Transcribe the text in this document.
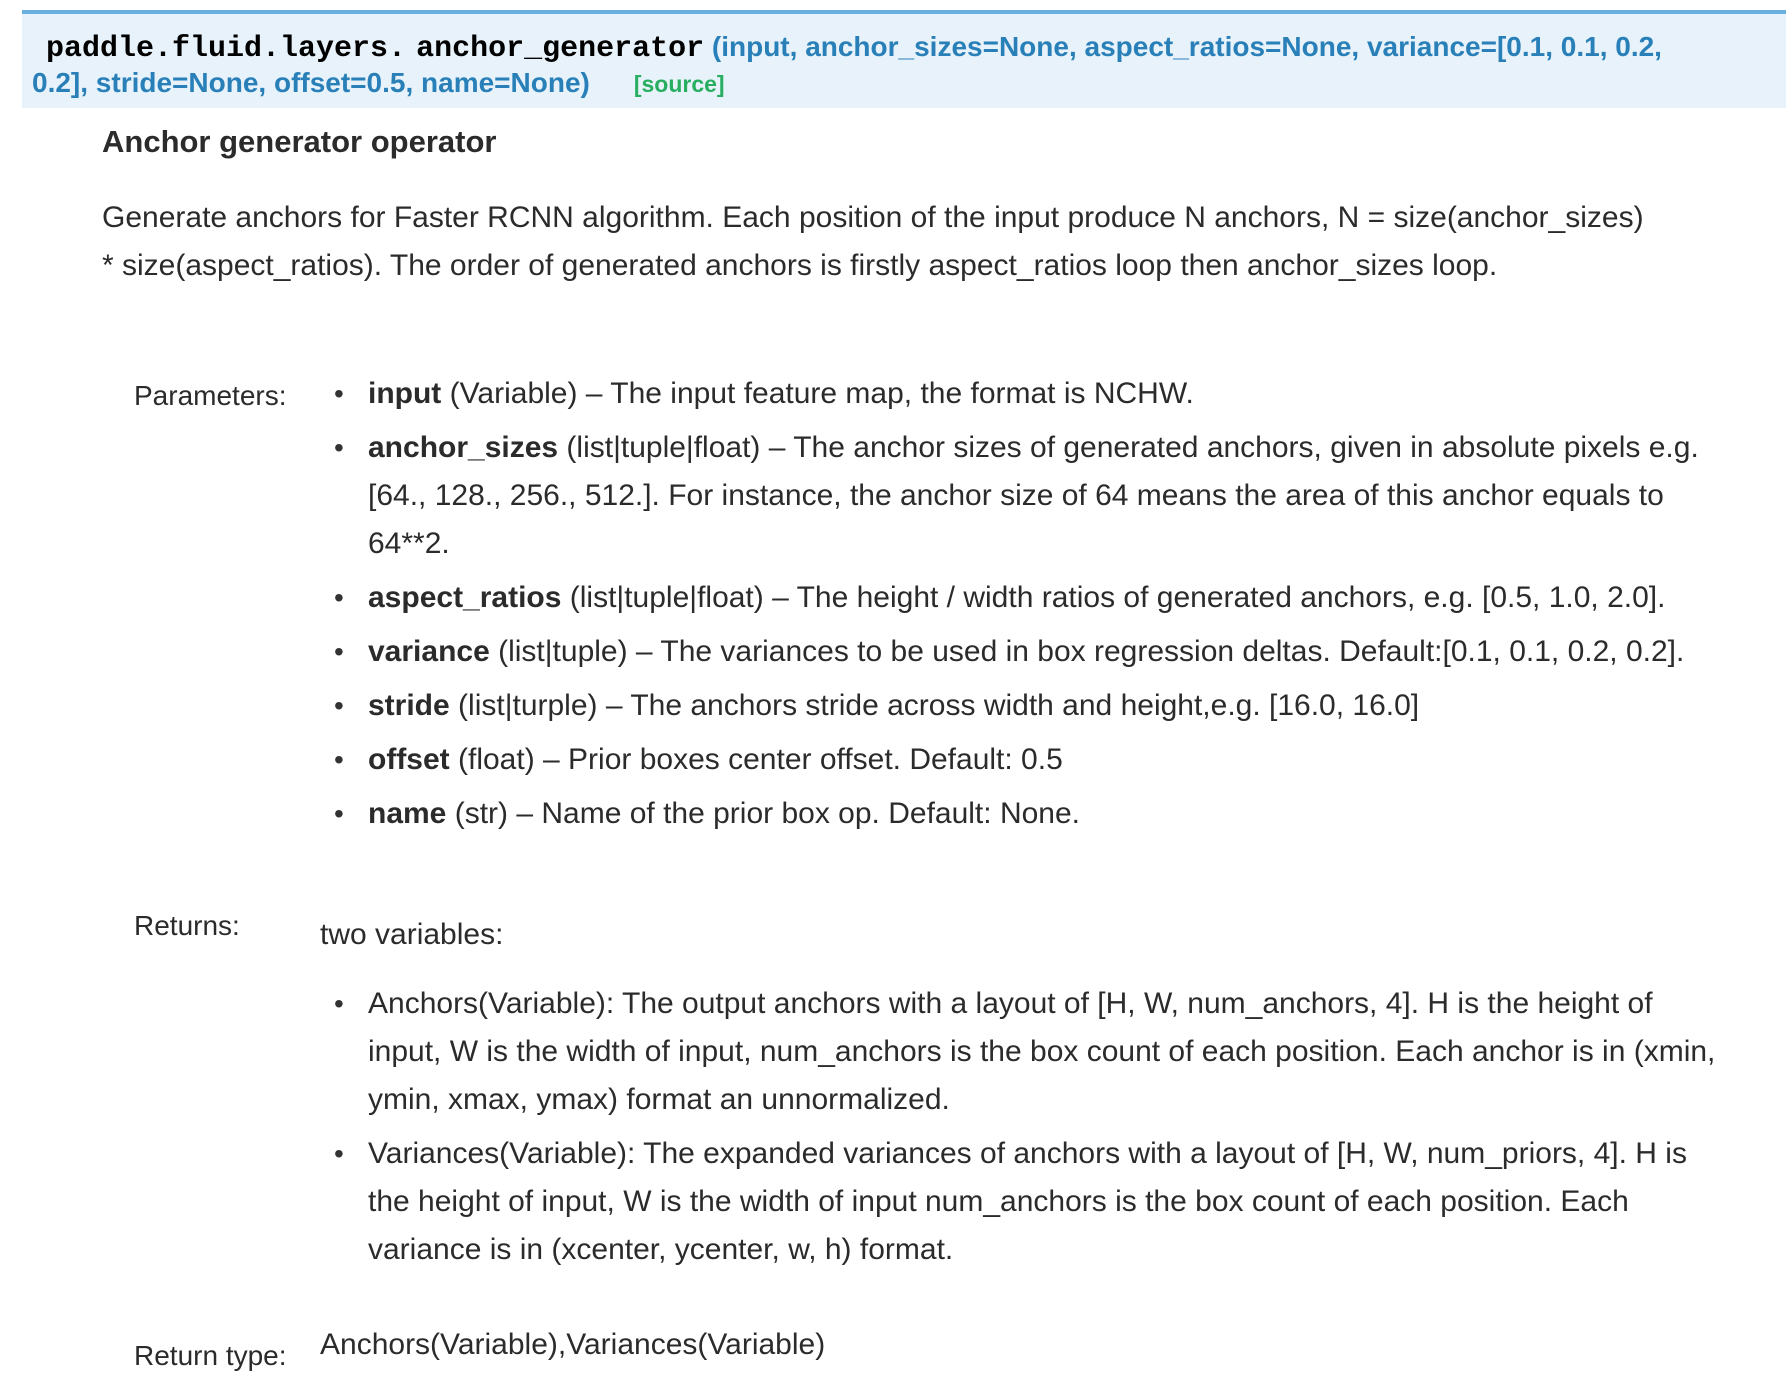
paddle.fluid.layers. anchor_generator (input, anchor_sizes=None, aspect_ratios=None, variance=[0.1, 0.1, 0.2,
0.2], stride=None, offset=0.5, name=None) [source]

Anchor generator operator

Generate anchors for Faster RCNN algorithm. Each position of the input produce N anchors, N = size(anchor_sizes) * size(aspect_ratios). The order of generated anchors is firstly aspect_ratios loop then anchor_sizes loop.

Parameters:
•	input (Variable) – The input feature map, the format is NCHW.
• anchor_sizes (list|tuple|float) – The anchor sizes of generated anchors, given in absolute pixels e.g. [64., 128., 256., 512.]. For instance, the anchor size of 64 means the area of this anchor equals to 64**2.
• aspect_ratios (list|tuple|float) – The height / width ratios of generated anchors, e.g. [0.5, 1.0, 2.0].
• variance (list|tuple) – The variances to be used in box regression deltas. Default:[0.1, 0.1, 0.2, 0.2].
• stride (list|turple) – The anchors stride across width and height,e.g. [16.0, 16.0]
• offset (float) – Prior boxes center offset. Default: 0.5
• name (str) – Name of the prior box op. Default: None.
Returns:	two variables:
• Anchors(Variable): The output anchors with a layout of [H, W, num_anchors, 4]. H is the height of input, W is the width of input, num_anchors is the box count of each position. Each anchor is in (xmin, ymin, xmax, ymax) format an unnormalized.
• Variances(Variable): The expanded variances of anchors with a layout of [H, W, num_priors, 4]. H is the height of input, W is the width of input num_anchors is the box count of each position. Each variance is in (xcenter, ycenter, w, h) format.
Return type: Anchors(Variable),Variances(Variable)
